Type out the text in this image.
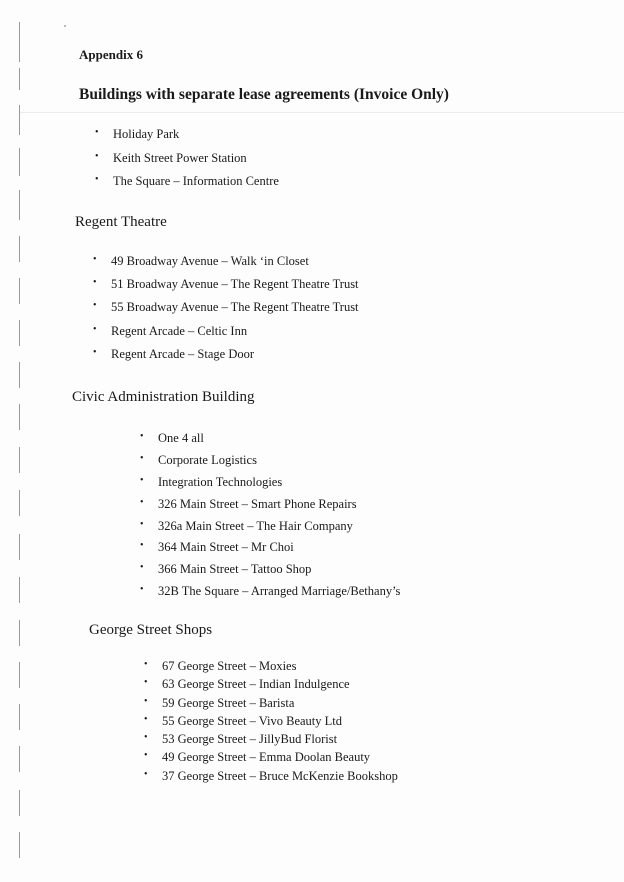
Appendix 6
Buildings with separate lease agreements (Invoice Only)
• Holiday Park
• Keith Street Power Station
• The Square – Information Centre
Regent Theatre
• 49 Broadway Avenue – Walk ‘in Closet
• 51 Broadway Avenue – The Regent Theatre Trust
• 55 Broadway Avenue – The Regent Theatre Trust
• Regent Arcade – Celtic Inn
• Regent Arcade – Stage Door
Civic Administration Building
• One 4 all
• Corporate Logistics
• Integration Technologies
• 326 Main Street – Smart Phone Repairs
• 326a Main Street – The Hair Company
• 364 Main Street – Mr Choi
• 366 Main Street – Tattoo Shop
• 32B The Square – Arranged Marriage/Bethany’s
George Street Shops
• 67 George Street – Moxies
• 63 George Street – Indian Indulgence
• 59 George Street – Barista
• 55 George Street – Vivo Beauty Ltd
• 53 George Street – JillyBud Florist
• 49 George Street – Emma Doolan Beauty
• 37 George Street – Bruce McKenzie Bookshop
